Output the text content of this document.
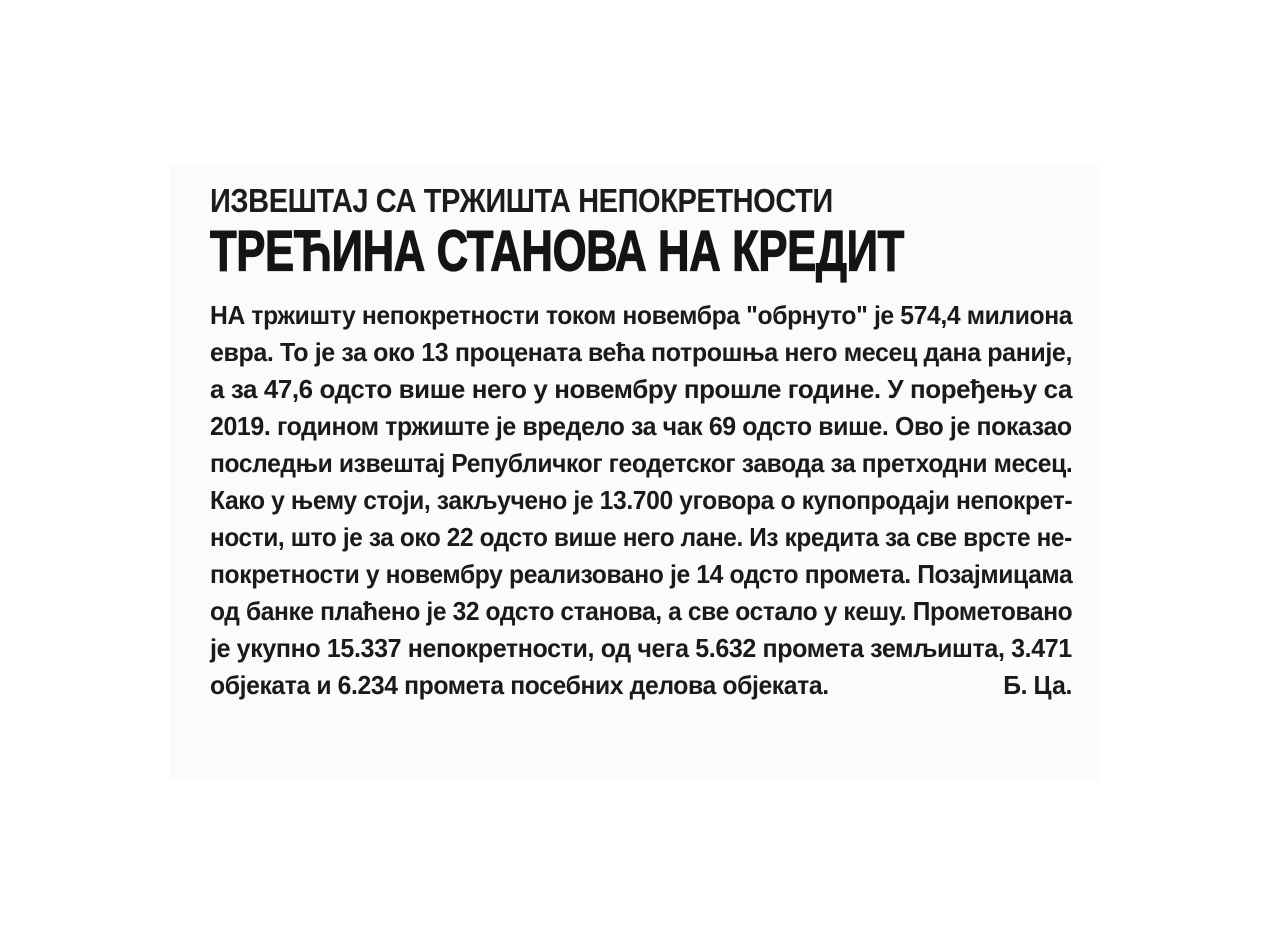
ИЗВЕШТАЈ СА ТРЖИШТА НЕПОКРЕТНОСТИ
ТРЕЋИНА СТАНОВА НА КРЕДИТ
НА тржишту непокретности током новембра "обрнуто" је 574,4 милиона
евра. То је за око 13 процената већа потрошња него месец дана раније,
а за 47,6 одсто више него у новембру прошле године. У поређењу са
2019. годином тржиште је вредело за чак 69 одсто више. Ово је показао
последњи извештај Републичког геодетског завода за претходни месец.
Како у њему стоји, закључено је 13.700 уговора о купопродаји непокрет-
ности, што је за око 22 одсто више него лане. Из кредита за све врсте не-
покретности у новембру реализовано је 14 одсто промета. Позајмицама
од банке плаћено је 32 одсто станова, а све остало у кешу. Прометовано
је укупно 15.337 непокретности, од чега 5.632 промета земљишта, 3.471
објеката и 6.234 промета посебних делова објеката.	Б. Ца.
